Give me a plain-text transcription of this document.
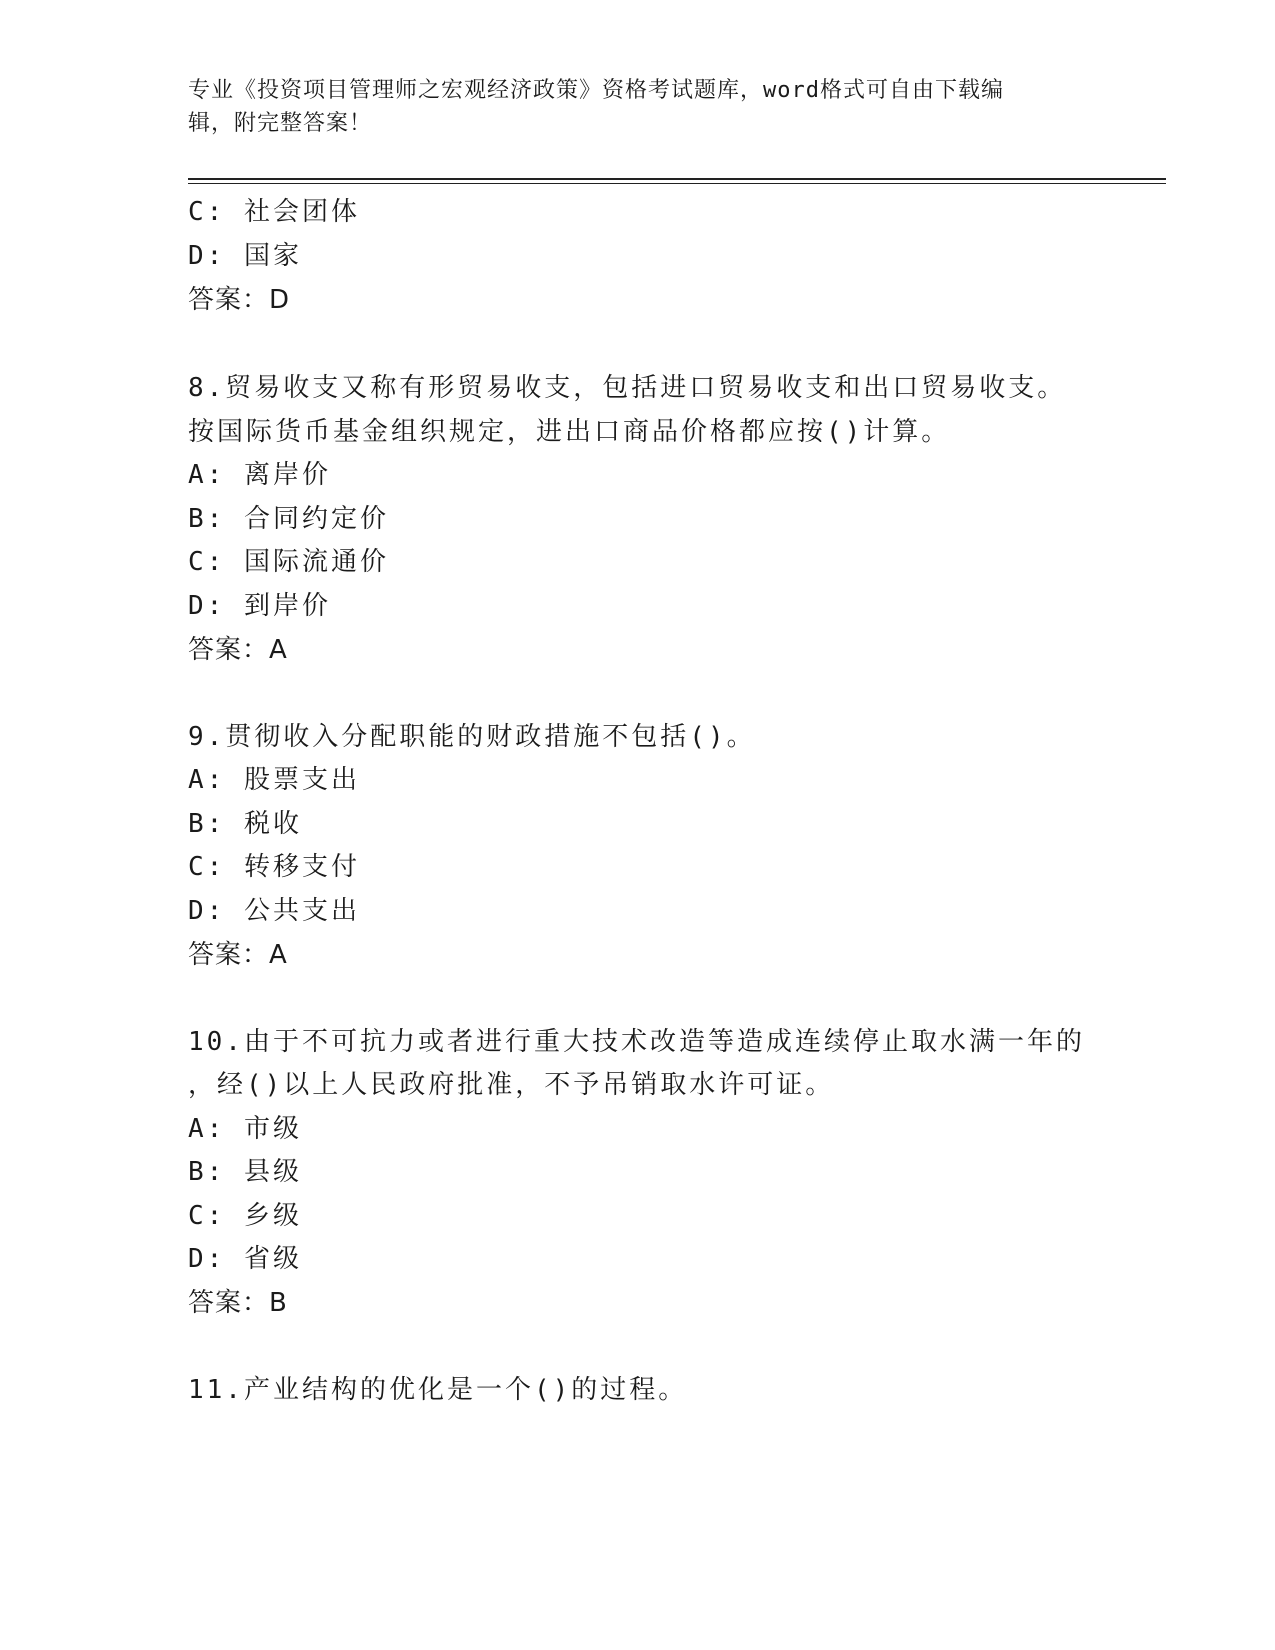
专业《投资项目管理师之宏观经济政策》资格考试题库，word格式可自由下载编
辑，附完整答案！
C: 社会团体
D: 国家
答案：D
8.贸易收支又称有形贸易收支，包括进口贸易收支和出口贸易收支。
按国际货币基金组织规定，进出口商品价格都应按()计算。
A: 离岸价
B: 合同约定价
C: 国际流通价
D: 到岸价
答案：A
9.贯彻收入分配职能的财政措施不包括()。
A: 股票支出
B: 税收
C: 转移支付
D: 公共支出
答案：A
10.由于不可抗力或者进行重大技术改造等造成连续停止取水满一年的
，经()以上人民政府批准，不予吊销取水许可证。
A: 市级
B: 县级
C: 乡级
D: 省级
答案：B
11.产业结构的优化是一个()的过程。
